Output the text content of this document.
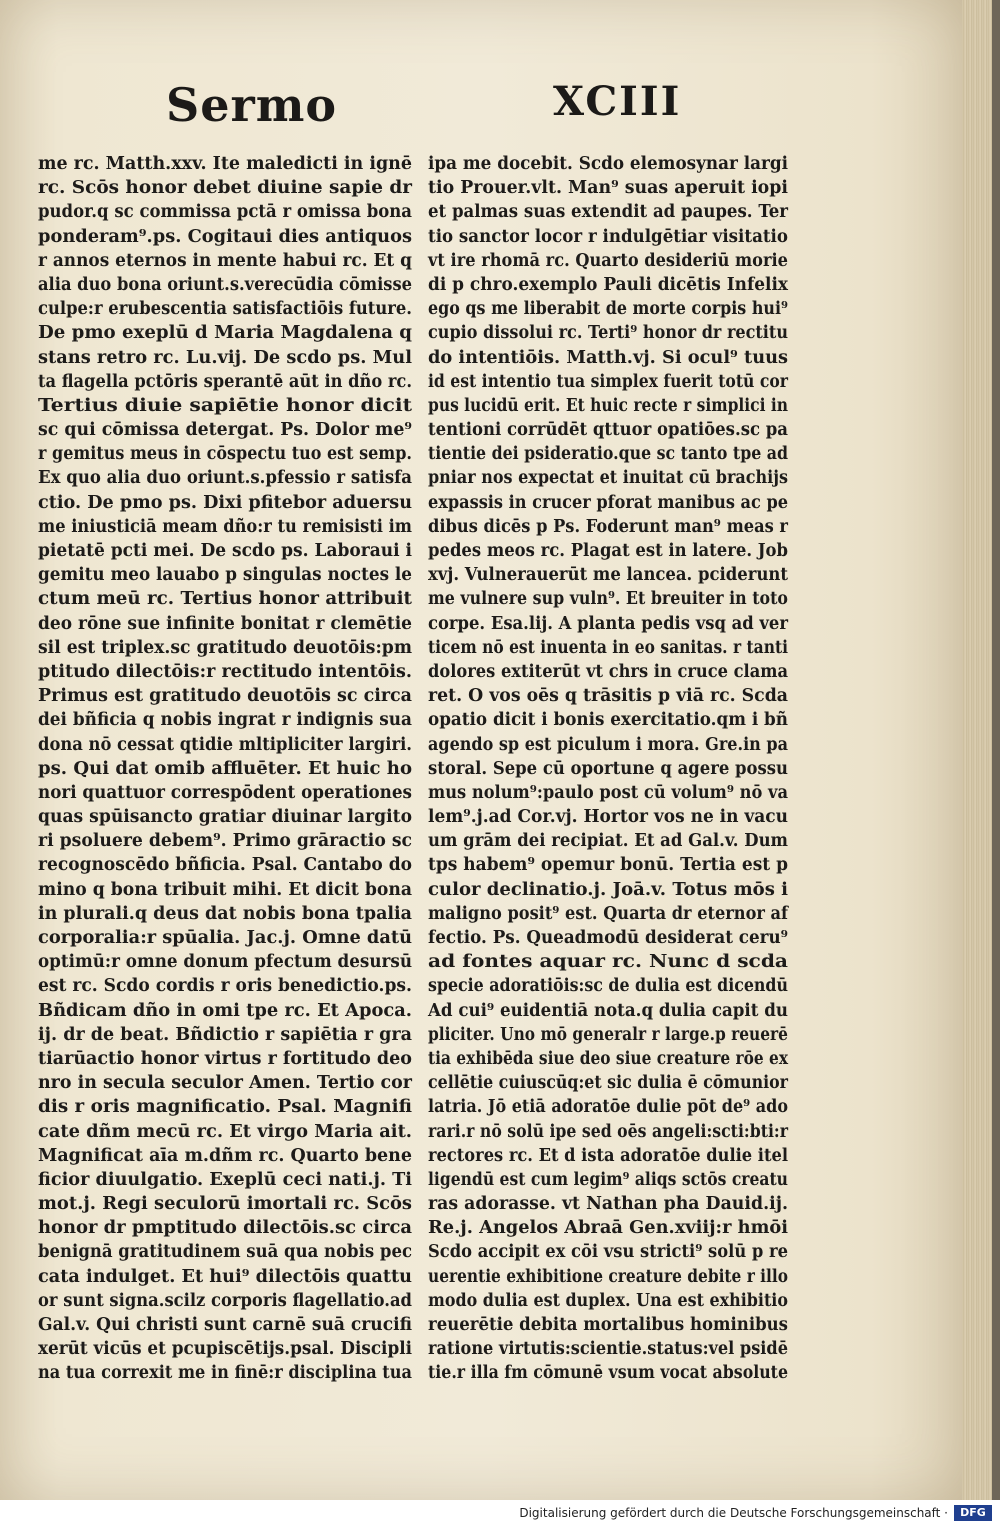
Sermo	XCIII
me rc. Matth.xxv. Ite maledicti in ignē
rc. Scōs honor debet diuine sapie dr
pudor.q sc commissa pctā r omissa bona
ponderam⁹.ps. Cogitaui dies antiquos
r annos eternos in mente habui rc. Et q
alia duo bona oriunt.s.verecūdia cōmisse
culpe:r erubescentia satisfactiōis future.
De pmo exeplū d Maria Magdalena q
stans retro rc. Lu.vij. De scdo ps. Mul
ta flagella pctōris sperantē aūt in dño rc.
Tertius diuie sapiētie honor dicit
sc qui cōmissa detergat. Ps. Dolor me⁹
r gemitus meus in cōspectu tuo est semp.
Ex quo alia duo oriunt.s.pfessio r satisfa
ctio. De pmo ps. Dixi pfitebor aduersu
me iniusticiā meam dño:r tu remisisti im
pietatē pcti mei. De scdo ps. Laboraui i
gemitu meo lauabo p singulas noctes le
ctum meū rc. Tertius honor attribuit
deo rōne sue infinite bonitat r clemētie
sil est triplex.sc gratitudo deuotōis:pm
ptitudo dilectōis:r rectitudo intentōis.
Primus est gratitudo deuotōis sc circa
dei bñficia q nobis ingrat r indignis sua
dona nō cessat qtidie mltipliciter largiri.
ps. Qui dat omib affluēter. Et huic ho
nori quattuor correspōdent operationes
quas spūisancto gratiar diuinar largito
ri psoluere debem⁹. Primo grāractio sc
recognoscēdo bñficia. Psal. Cantabo do
mino q bona tribuit mihi. Et dicit bona
in plurali.q deus dat nobis bona tpalia
corporalia:r spūalia. Jac.j. Omne datū
optimū:r omne donum pfectum desursū
est rc. Scdo cordis r oris benedictio.ps.
Bñdicam dño in omi tpe rc. Et Apoca.
ij. dr de beat. Bñdictio r sapiētia r gra
tiarūactio honor virtus r fortitudo deo
nro in secula seculor Amen. Tertio cor
dis r oris magnificatio. Psal. Magnifi
cate dñm mecū rc. Et virgo Maria ait.
Magnificat aīa m.dñm rc. Quarto bene
ficior diuulgatio. Exeplū ceci nati.j. Ti
mot.j. Regi seculorū imortali rc. Scōs
honor dr pmptitudo dilectōis.sc circa
benignā gratitudinem suā qua nobis pec
cata indulget. Et hui⁹ dilectōis quattu
or sunt signa.scilz corporis flagellatio.ad
Gal.v. Qui christi sunt carnē suā crucifi
xerūt vicūs et pcupiscētijs.psal. Discipli
na tua correxit me in finē:r disciplina tua
ipa me docebit. Scdo elemosynar largi
tio Prouer.vlt. Man⁹ suas aperuit iopi
et palmas suas extendit ad paupes. Ter
tio sanctor locor r indulgētiar visitatio
vt ire rhomā rc. Quarto desideriū morie
di p chro.exemplo Pauli dicētis Infelix
ego qs me liberabit de morte corpis hui⁹
cupio dissolui rc. Terti⁹ honor dr rectitu
do intentiōis. Matth.vj. Si ocul⁹ tuus
id est intentio tua simplex fuerit totū cor
pus lucidū erit. Et huic recte r simplici in
tentioni corrūdēt qttuor opatiōes.sc pa
tientie dei psideratio.que sc tanto tpe ad
pniar nos expectat et inuitat cū brachijs
expassis in crucer pforat manibus ac pe
dibus dicēs p Ps. Foderunt man⁹ meas r
pedes meos rc. Plagat est in latere. Job
xvj. Vulnerauerūt me lancea. pciderunt
me vulnere sup vuln⁹. Et breuiter in toto
corpe. Esa.lij. A planta pedis vsq ad ver
ticem nō est inuenta in eo sanitas. r tanti
dolores extiterūt vt chrs in cruce clama
ret. O vos oēs q trāsitis p viā rc. Scda
opatio dicit i bonis exercitatio.qm i bñ
agendo sp est piculum i mora. Gre.in pa
storal. Sepe cū oportune q agere possu
mus nolum⁹:paulo post cū volum⁹ nō va
lem⁹.j.ad Cor.vj. Hortor vos ne in vacu
um grām dei recipiat. Et ad Gal.v. Dum
tps habem⁹ opemur bonū. Tertia est p
culor declinatio.j. Joā.v. Totus mōs i
maligno posit⁹ est. Quarta dr eternor af
fectio. Ps. Queadmodū desiderat ceru⁹
ad fontes aquar rc. Nunc d scda
specie adoratiōis:sc de dulia est dicendū
Ad cui⁹ euidentiā nota.q dulia capit du
pliciter. Uno mō generalr r large.p reuerē
tia exhibēda siue deo siue creature rōe ex
cellētie cuiuscūq:et sic dulia ē cōmunior
latria. Jō etiā adoratōe dulie pōt de⁹ ado
rari.r nō solū ipe sed oēs angeli:scti:bti:r
rectores rc. Et d ista adoratōe dulie itel
ligendū est cum legim⁹ aliqs sctōs creatu
ras adorasse. vt Nathan pha Dauid.ij.
Re.j. Angelos Abraā Gen.xviij:r hmōi
Scdo accipit ex cōi vsu stricti⁹ solū p re
uerentie exhibitione creature debite r illo
modo dulia est duplex. Una est exhibitio
reuerētie debita mortalibus hominibus
ratione virtutis:scientie.status:vel psidē
tie.r illa fm cōmunē vsum vocat absolute
Digitalisierung gefördert durch die Deutsche Forschungsgemeinschaft ·	DFG
